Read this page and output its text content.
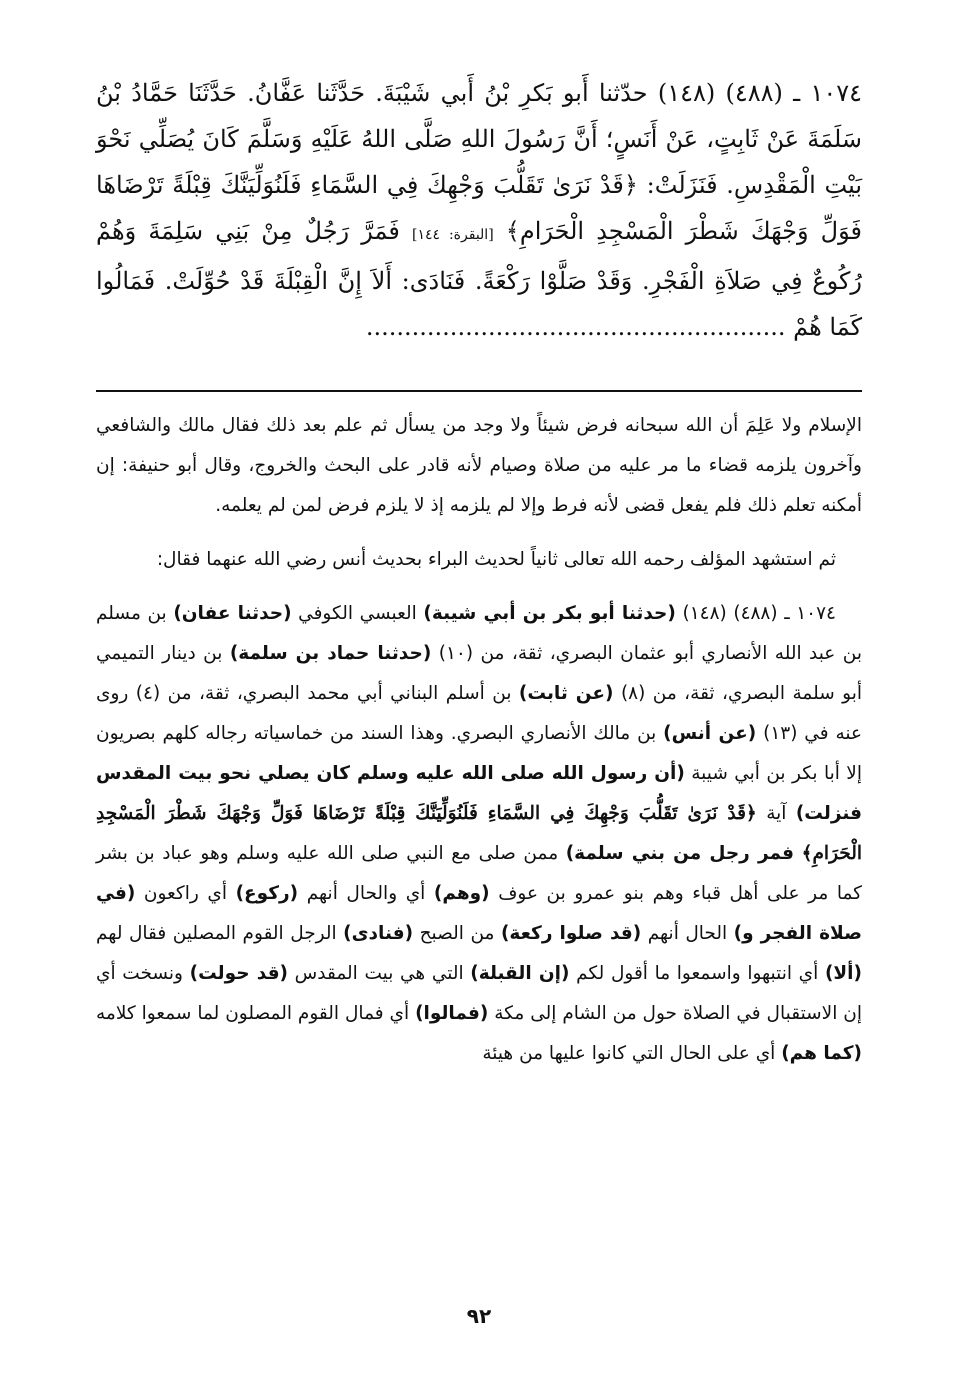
١٠٧٤ ـ (٤٨٨) (١٤٨) حدّثنا أَبو بَكرِ بْنُ أَبي شَيْبَةَ. حَدَّثَنا عَفَّانُ. حَدَّثَنَا حَمَّادُ بْنُ سَلَمَةَ عَنْ ثَابِتٍ، عَنْ أَنَسٍ؛ أَنَّ رَسُولَ اللهِ صَلَّى اللهُ عَلَيْهِ وَسَلَّمَ كَانَ يُصَلِّي نَحْوَ بَيْتِ الْمَقْدِسِ. فَنَزَلَتْ: ﴿قَدْ نَرَىٰ تَقَلُّبَ وَجْهِكَ فِي السَّمَاءِ فَلَنُوَلِّيَنَّكَ قِبْلَةً تَرْضَاهَا فَوَلِّ وَجْهَكَ شَطْرَ الْمَسْجِدِ الْحَرَامِ﴾ [البقرة: ١٤٤] فَمَرَّ رَجُلٌ مِنْ بَنِي سَلِمَةَ وَهُمْ رُكُوعٌ فِي صَلاَةِ الْفَجْرِ. وَقَدْ صَلَّوْا رَكْعَةً. فَنَادَى: أَلاَ إِنَّ الْقِبْلَةَ قَدْ حُوِّلَتْ. فَمَالُوا كَمَا هُمْ .......................................................

الإسلام ولا عَلِمَ أن الله سبحانه فرض شيئاً ولا وجد من يسأل ثم علم بعد ذلك فقال مالك والشافعي وآخرون يلزمه قضاء ما مر عليه من صلاة وصيام لأنه قادر على البحث والخروج، وقال أبو حنيفة: إن أمكنه تعلم ذلك فلم يفعل قضى لأنه فرط وإلا لم يلزمه إذ لا يلزم فرض لمن لم يعلمه.

ثم استشهد المؤلف رحمه الله تعالى ثانياً لحديث البراء بحديث أنس رضي الله عنهما فقال:

١٠٧٤ ـ (٤٨٨) (١٤٨) (حدثنا أبو بكر بن أبي شيبة) العبسي الكوفي (حدثنا عفان) بن مسلم بن عبد الله الأنصاري أبو عثمان البصري، ثقة، من (١٠) (حدثنا حماد بن سلمة) بن دينار التميمي أبو سلمة البصري، ثقة، من (٨) (عن ثابت) بن أسلم البناني أبي محمد البصري، ثقة، من (٤) روى عنه في (١٣) (عن أنس) بن مالك الأنصاري البصري. وهذا السند من خماسياته رجاله كلهم بصريون إلا أبا بكر بن أبي شيبة (أن رسول الله صلى الله عليه وسلم كان يصلي نحو بيت المقدس فنزلت) آية ﴿قَدْ نَرَىٰ تَقَلُّبَ وَجْهِكَ فِي السَّمَاءِ فَلَنُوَلِّيَنَّكَ قِبْلَةً تَرْضَاهَا فَوَلِّ وَجْهَكَ شَطْرَ الْمَسْجِدِ الْحَرَامِ﴾ فمر رجل من بني سلمة) ممن صلى مع النبي صلى الله عليه وسلم وهو عباد بن بشر كما مر على أهل قباء وهم بنو عمرو بن عوف (وهم) أي والحال أنهم (ركوع) أي راكعون (في صلاة الفجر و) الحال أنهم (قد صلوا ركعة) من الصبح (فنادى) الرجل القوم المصلين فقال لهم (ألا) أي انتبهوا واسمعوا ما أقول لكم (إن القبلة) التي هي بيت المقدس (قد حولت) ونسخت أي إن الاستقبال في الصلاة حول من الشام إلى مكة (فمالوا) أي فمال القوم المصلون لما سمعوا كلامه (كما هم) أي على الحال التي كانوا عليها من هيئة

٩٢
